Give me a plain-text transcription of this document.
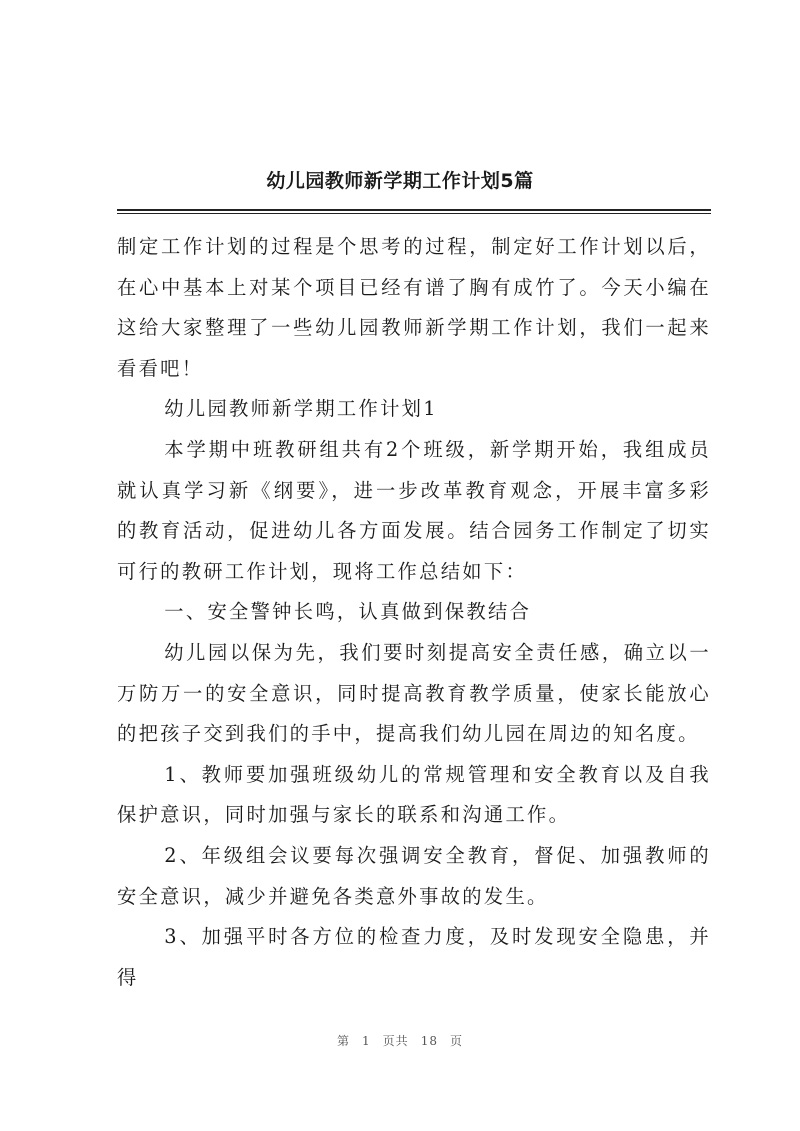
幼儿园教师新学期工作计划5篇

制定工作计划的过程是个思考的过程，制定好工作计划以后，在心中基本上对某个项目已经有谱了胸有成竹了。今天小编在这给大家整理了一些幼儿园教师新学期工作计划，我们一起来看看吧！

幼儿园教师新学期工作计划1

本学期中班教研组共有2个班级，新学期开始，我组成员就认真学习新《纲要》，进一步改革教育观念，开展丰富多彩的教育活动，促进幼儿各方面发展。结合园务工作制定了切实可行的教研工作计划，现将工作总结如下：

一、安全警钟长鸣，认真做到保教结合

幼儿园以保为先，我们要时刻提高安全责任感，确立以一万防万一的安全意识，同时提高教育教学质量，使家长能放心的把孩子交到我们的手中，提高我们幼儿园在周边的知名度。

1、教师要加强班级幼儿的常规管理和安全教育以及自我保护意识，同时加强与家长的联系和沟通工作。

2、年级组会议要每次强调安全教育，督促、加强教师的安全意识，减少并避免各类意外事故的发生。

3、加强平时各方位的检查力度，及时发现安全隐患，并得

第 1 页共 18 页
